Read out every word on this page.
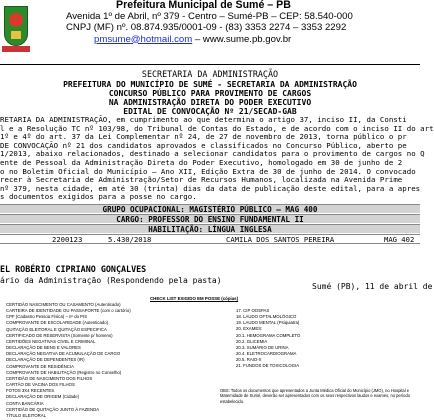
Prefeitura Municipal de Sumé – PB
Avenida 1º de Abril, nº 379 - Centro – Sumé-PB – CEP: 58.540-000
CNPJ (MF) nº. 08.874.935/0001-09 - (83) 3353 2274 – 3353 2292
pmsume@hotmail.com – www.sume.pb.gov.br
SECRETARIA DA ADMINISTRAÇÃO
PREFEITURA DO MUNICÍPIO DE SUMÉ - SECRETARIA DA ADMINISTRAÇÃO
CONCURSO PÚBLICO PARA PROVIMENTO DE CARGOS
NA ADMINISTRAÇÃO DIRETA DO PODER EXECUTIVO
EDITAL DE CONVOCAÇÃO Nº 21/SECAD-GAB
RETARIA DA ADMINISTRAÇÃO, em cumprimento ao que determina o artigo 37, inciso II, da Consti
l e a Resolução TC nº 103/98, do Tribunal de Contas do Estado, e de acordo com o inciso II do art
1º e 4º do art. 37 da Lei Complementar nº 24, de 27 de novembro de 2013, torna público o pr
DE CONVOCAÇÃO nº 21 dos candidatos aprovados e classificados no Concurso Público, aberto pe
1/2013, abaixo relacionados, destinado a selecionar candidatos para o provimento de cargos no Q
ente de Pessoal da Administração Direta do Poder Executivo, homologado em 30 de junho de 2
o no Boletim Oficial do Município – Ano XII, Edição Extra de 30 de junho de 2014. O convocado
recer à Secretaria de Administração/Setor de Recursos Humanos, localizada na Avenida Prime
nº 379, nesta cidade, em até 30 (trinta) dias da data de publicação deste edital, para a apres
s documentos exigidos para a posse no cargo.
GRUPO OCUPACIONAL: MAGISTÉRIO PÚBLICO – MAG 400
CARGO: PROFESSOR DO ENSINO FUNDAMENTAL II
HABILITAÇÃO: LÍNGUA INGLESA
2200123	5.430/2018	CAMILA DOS SANTOS PEREIRA	MAG 402
Sumé (PB), 11 de abril de
EL ROBÉRIO CIPRIANO GONÇALVES
ário da Administração (Respondendo pela pasta)
CHECK LIST EXIGIDO EM POSSE (cópias)
CERTIDÃO NASCIMENTO OU CASAMENTO (Autenticado)
CARTEIRA DE IDENTIDADE OU PASSAPORTE (com o cartório)
CPF (Cadastro Pessoa Física) – nº do PIS
COMPROVANTE DE ESCOLARIDADE (Autenticado)
QUITAÇÃO ELEITORAL E QUITAÇÃO ESPECIFICA
CERTIFICADO DE RESERVISTA (Somente p/ homens)
CERTIDÕES NEGATIVAS CÍVEL E CRIMINAL
DECLARAÇÃO DE BENS E VALORES
DECLARAÇÃO NEGATIVA DE ACUMULAÇÃO DE CARGO
DECLARAÇÃO DE DEPENDENTES (IR)
COMPROVANTE DE RESIDÊNCIA
COMPROVANTE DE HABILITAÇÃO (Registro no Conselho)
CERTIDÃO DE NASCIMENTO DOS FILHOS
CARTÃO DE VACINA DOS FILHOS
FOTOS 3X4 RECENTES
DECLARAÇÃO DE ORIGEM (Cidade)
CONTA BANCÁRIA
CERTIDÃO DE QUITAÇÃO JUNTO À FAZENDA
TÍTULO ELEITORAL
17. CIP OOSPAS
18. LAUDO OFTALMOLÓGICO
19. LAUDO MENTAL (Psiquiatra)
20. EXAMES:
20.1. HEMOGRAMA COMPLETO
20.2. GLICEMIA
20.3. SUMÁRIO DE URINA
20.4. ELETROCARDIOGRAMA
20.5. RAIO-X
21. FUNDOS DE TOXICOLOGIA
OBS: Todos os documentos que apresentados a Junta Médica Oficial do Município (JMO), no Hospital e Maternidade de Sumé, deverão ser apresentados com os seus respectivos laudos e exames, no período estabelecido.
